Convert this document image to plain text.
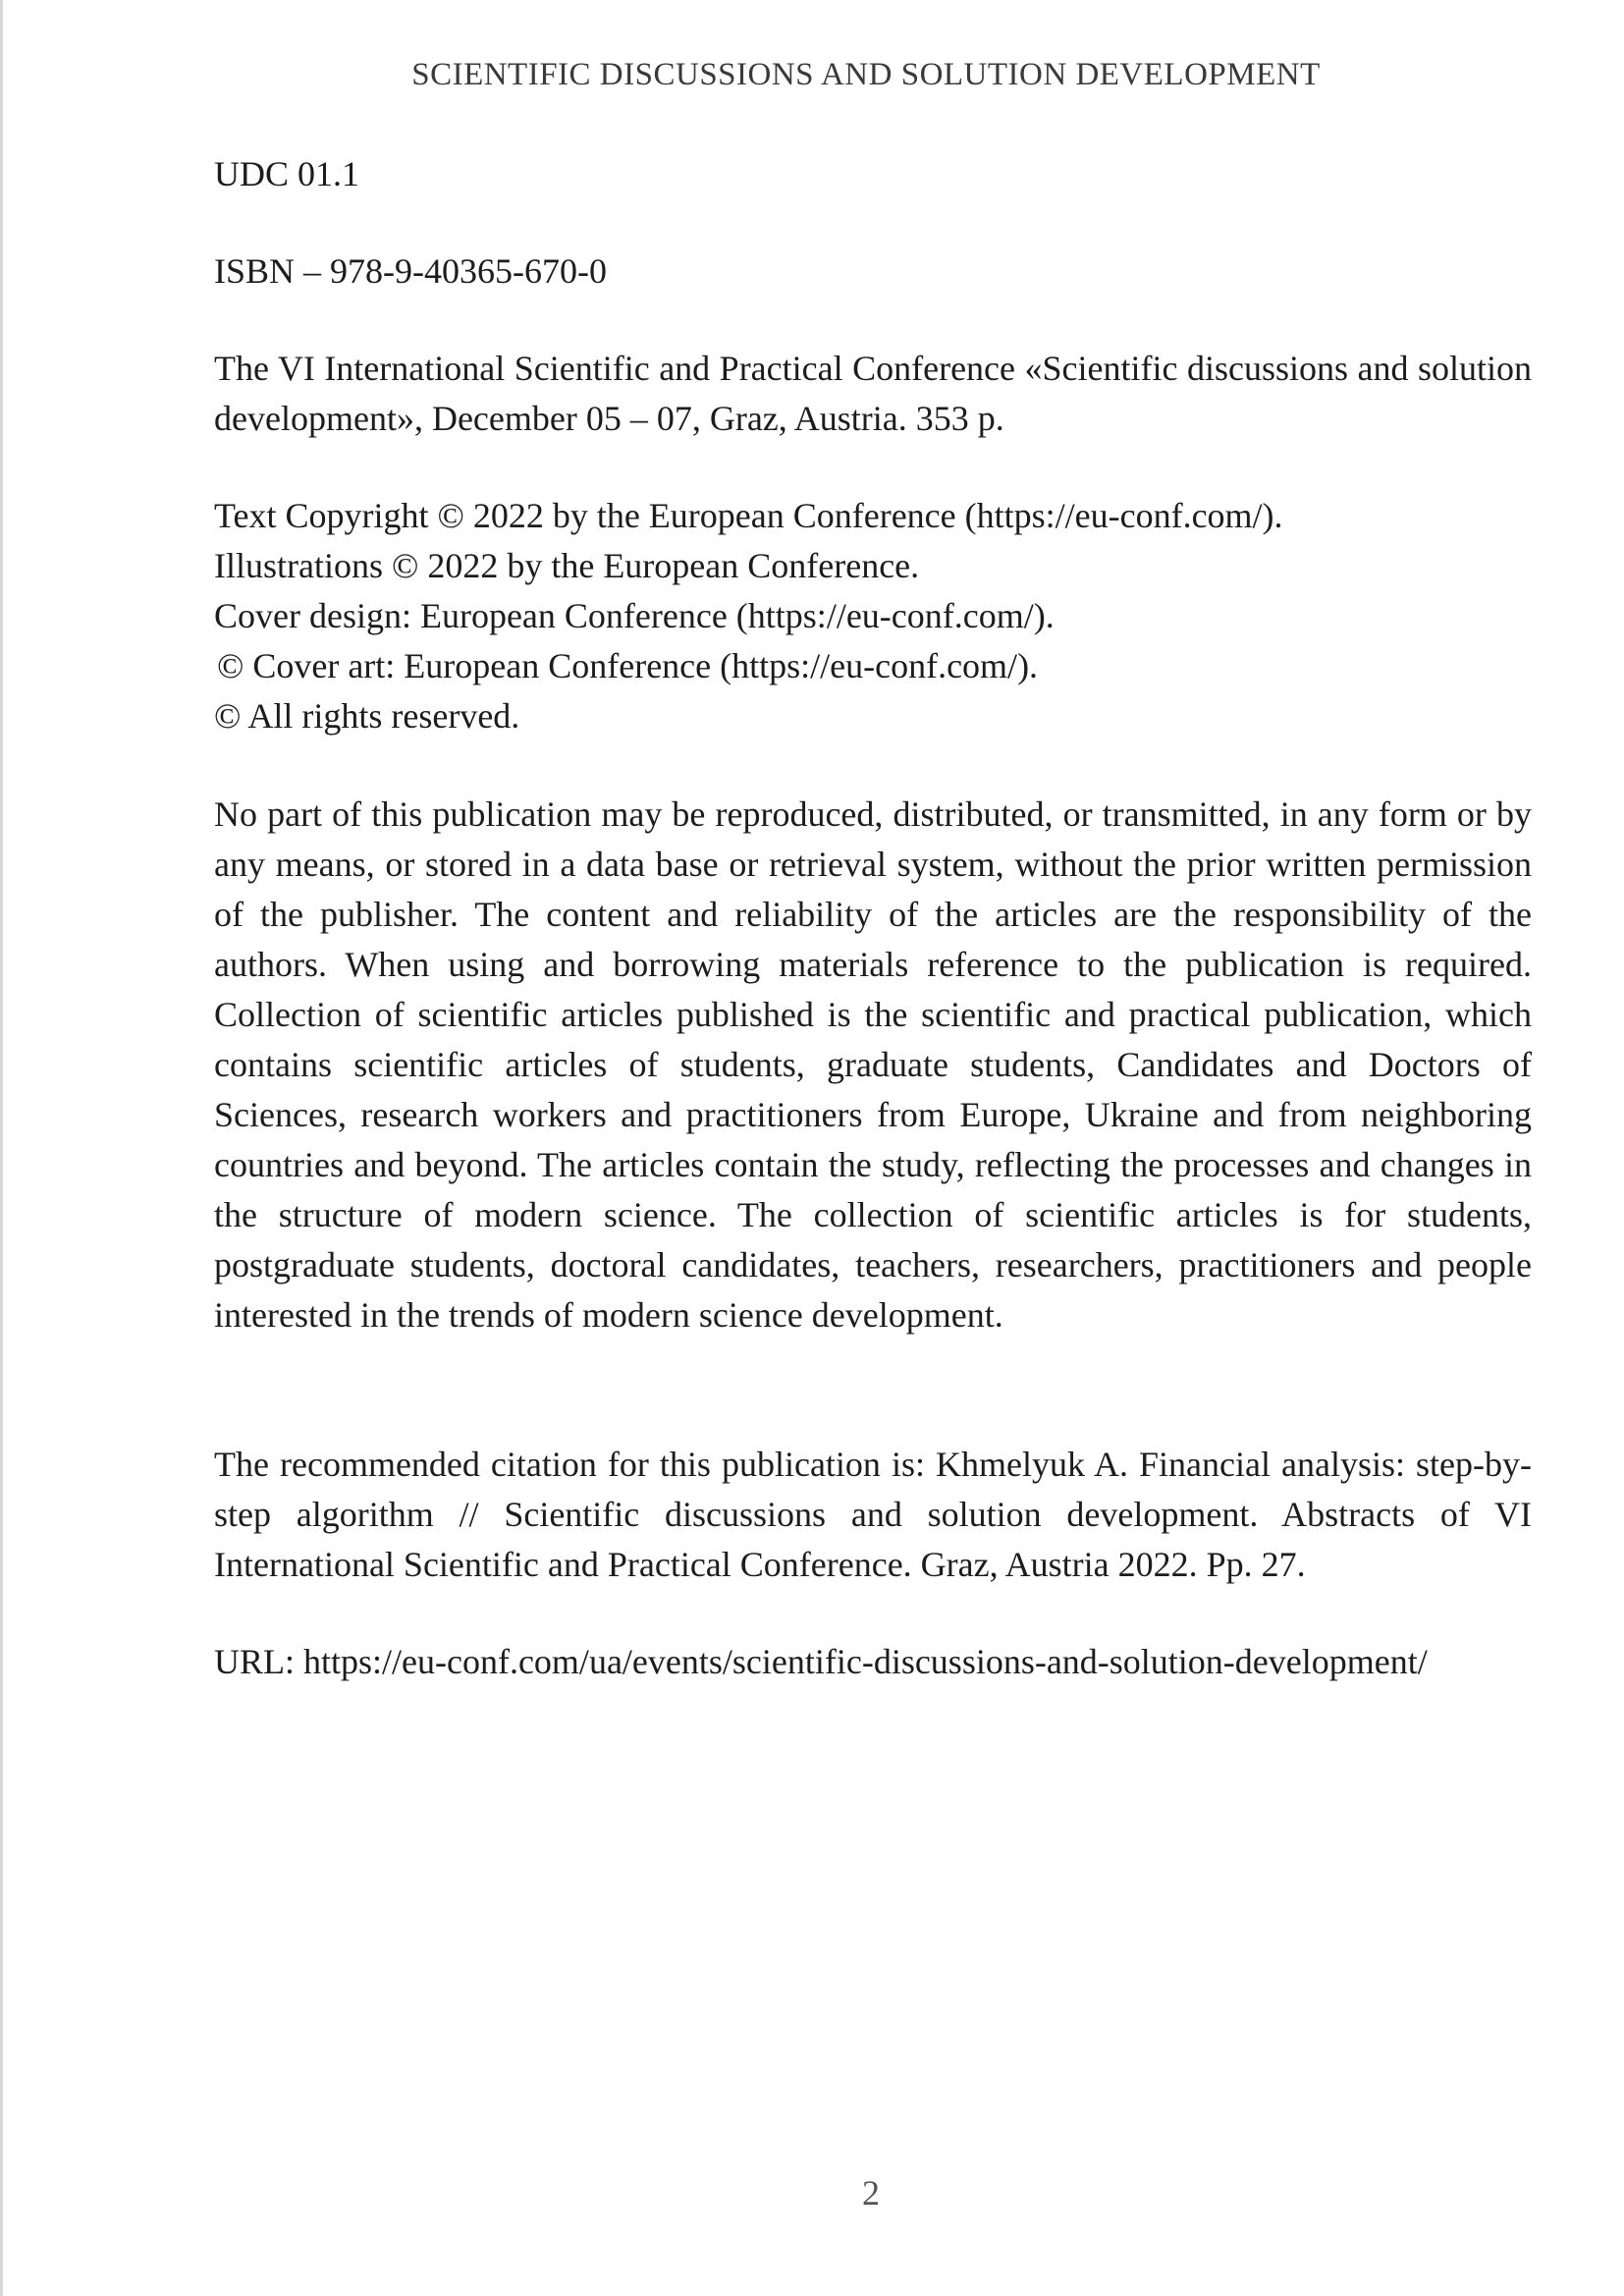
SCIENTIFIC DISCUSSIONS AND SOLUTION DEVELOPMENT

UDC 01.1

ISBN – 978-9-40365-670-0

The VI International Scientific and Practical Conference «Scientific discussions and solution development», December 05 – 07, Graz, Austria. 353 p.

Text Copyright © 2022 by the European Conference (https://eu-conf.com/).
Illustrations © 2022 by the European Conference.
Cover design: European Conference (https://eu-conf.com/).
© Cover art: European Conference (https://eu-conf.com/).
© All rights reserved.

No part of this publication may be reproduced, distributed, or transmitted, in any form or by any means, or stored in a data base or retrieval system, without the prior written permission of the publisher. The content and reliability of the articles are the responsibility of the authors. When using and borrowing materials reference to the publication is required. Collection of scientific articles published is the scientific and practical publication, which contains scientific articles of students, graduate students, Candidates and Doctors of Sciences, research workers and practitioners from Europe, Ukraine and from neighboring countries and beyond. The articles contain the study, reflecting the processes and changes in the structure of modern science. The collection of scientific articles is for students, postgraduate students, doctoral candidates, teachers, researchers, practitioners and people interested in the trends of modern science development.

The recommended citation for this publication is: Khmelyuk A. Financial analysis: step-by-step algorithm // Scientific discussions and solution development. Abstracts of VI International Scientific and Practical Conference. Graz, Austria 2022. Pp. 27.

URL: https://eu-conf.com/ua/events/scientific-discussions-and-solution-development/

2
